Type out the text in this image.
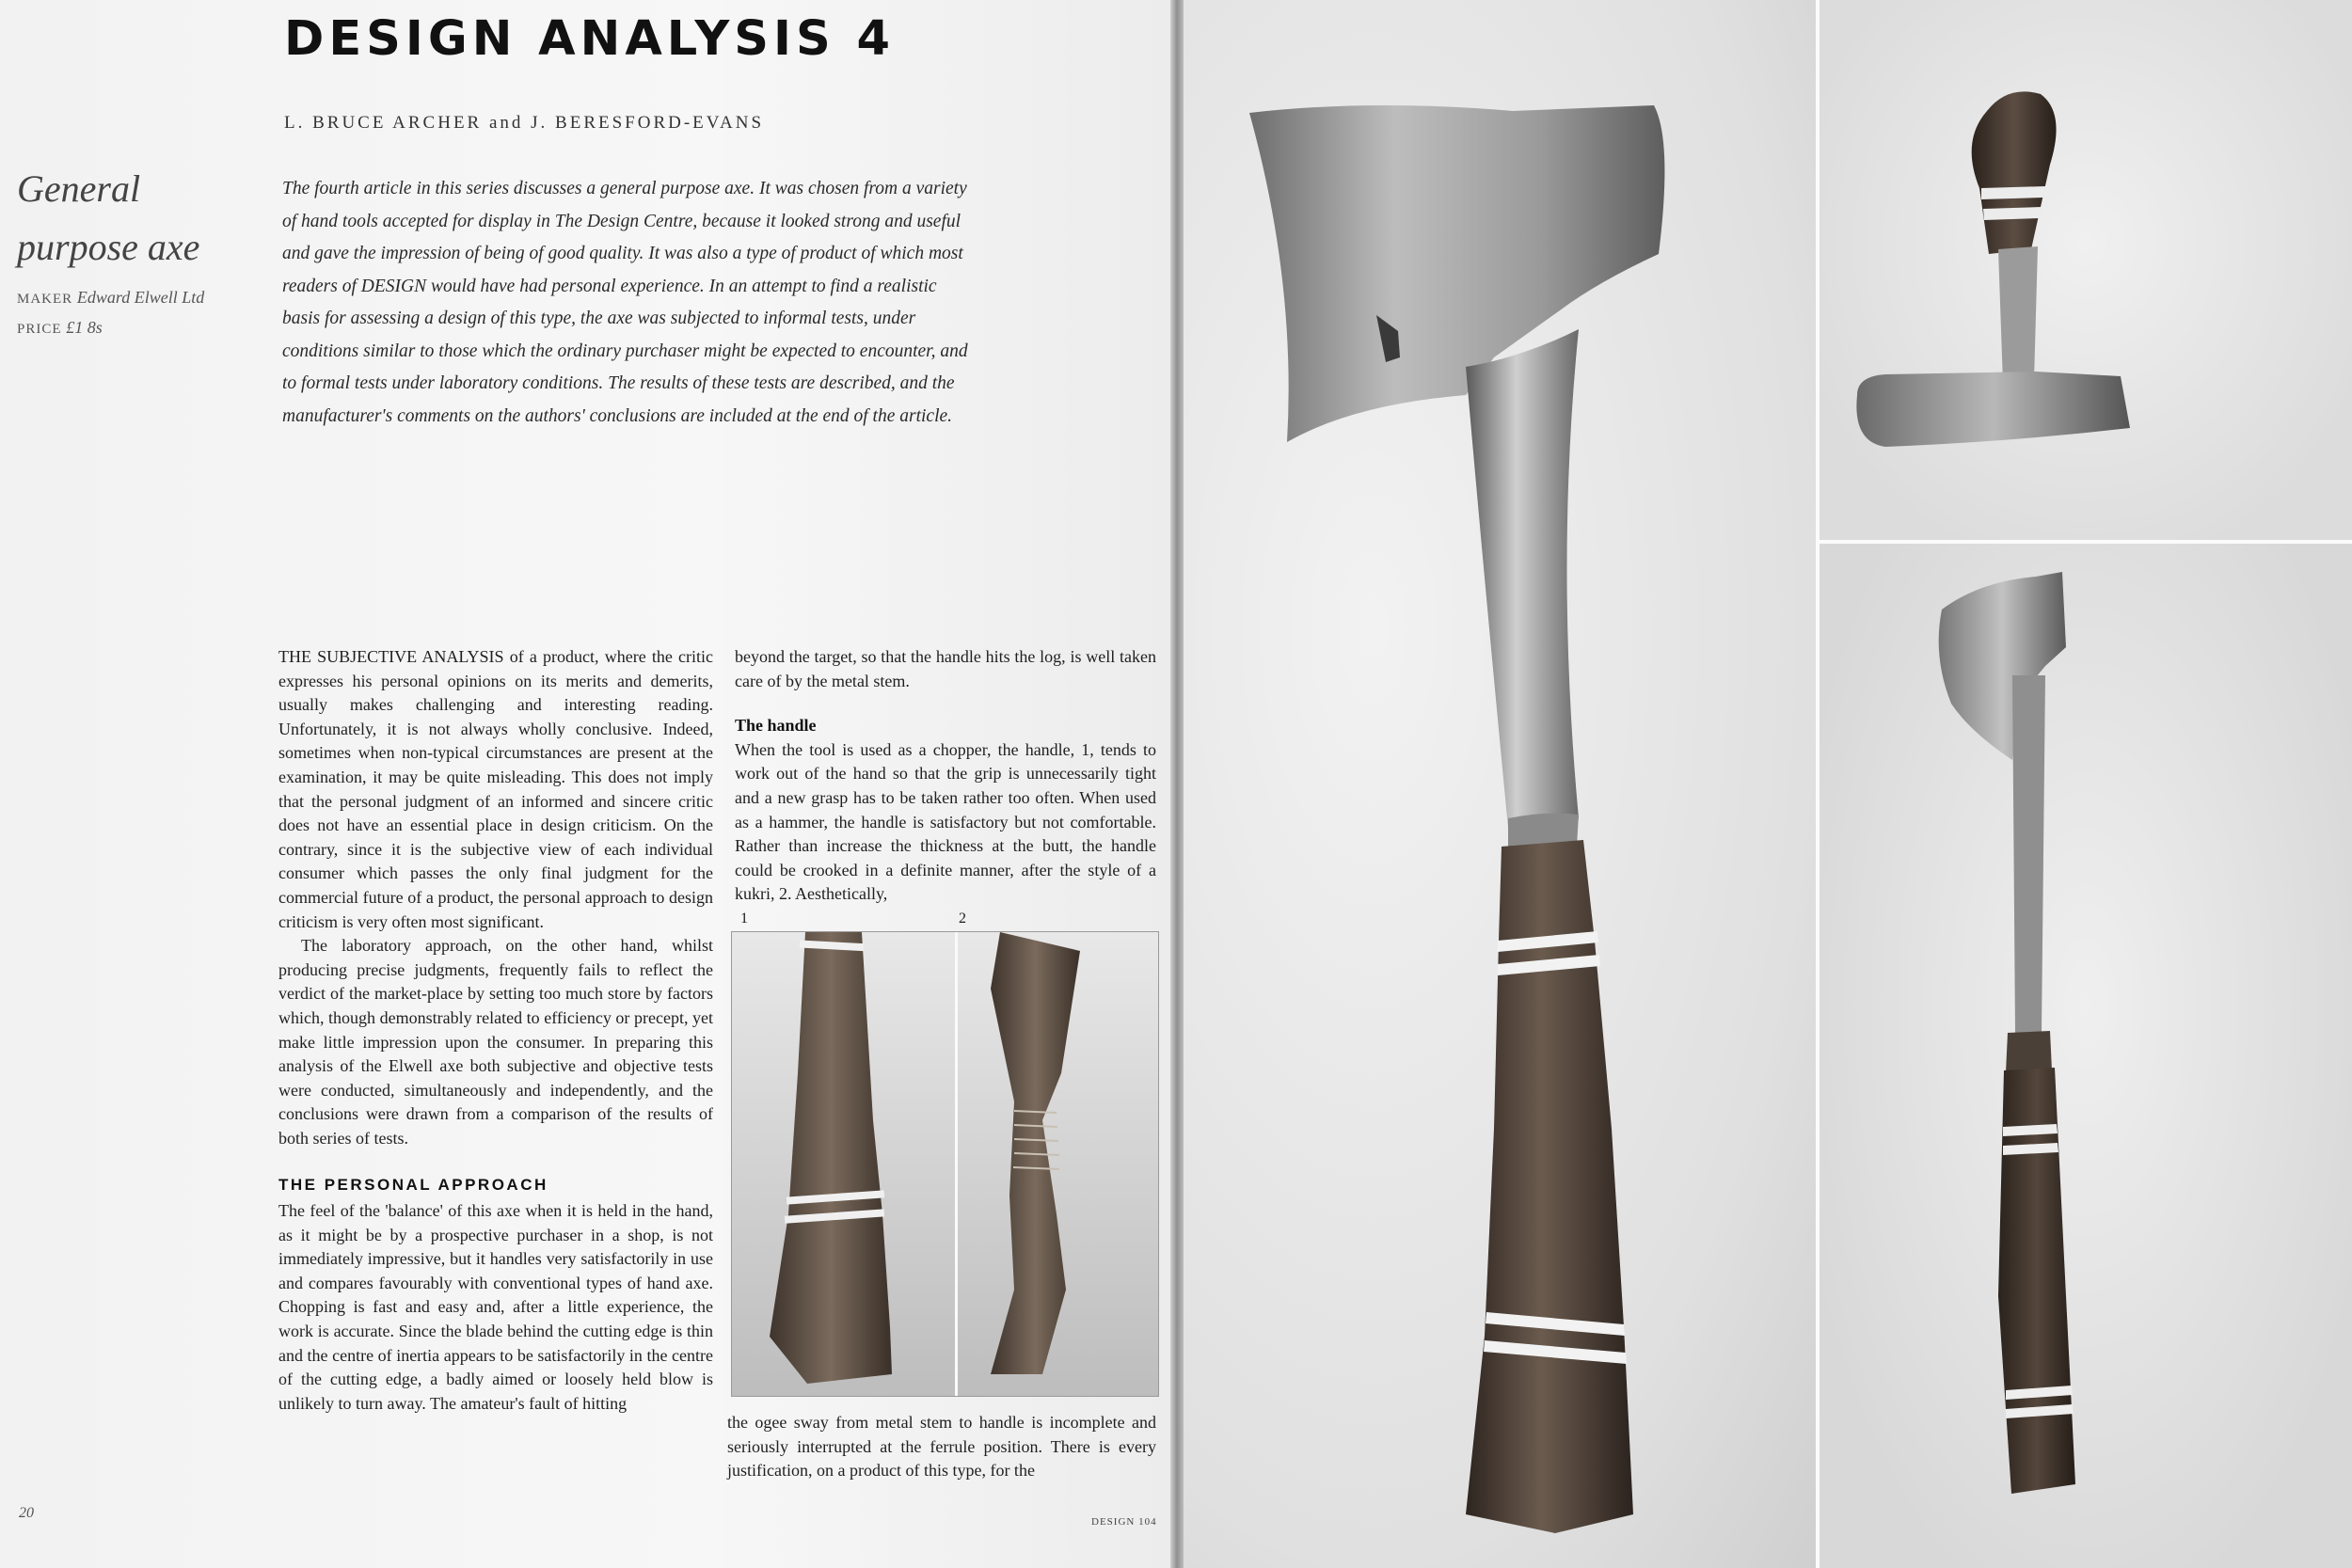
DESIGN ANALYSIS 4
L. BRUCE ARCHER and J. BERESFORD-EVANS
General
purpose axe
MAKER Edward Elwell Ltd
PRICE £1 8s

The fourth article in this series discusses a general purpose axe. It was chosen from a variety of hand tools accepted for display in The Design Centre, because it looked strong and useful and gave the impression of being of good quality. It was also a type of product of which most readers of DESIGN would have had personal experience. In an attempt to find a realistic basis for assessing a design of this type, the axe was subjected to informal tests, under conditions similar to those which the ordinary purchaser might be expected to encounter, and to formal tests under laboratory conditions. The results of these tests are described, and the manufacturer's comments on the authors' conclusions are included at the end of the article.

THE SUBJECTIVE ANALYSIS of a product, where the critic expresses his personal opinions on its merits and demerits, usually makes challenging and interesting reading. Unfortunately, it is not always wholly conclusive. Indeed, sometimes when non-typical circumstances are present at the examination, it may be quite misleading. This does not imply that the personal judgment of an informed and sincere critic does not have an essential place in design criticism. On the contrary, since it is the subjective view of each individual consumer which passes the only final judgment for the commercial future of a product, the personal approach to design criticism is very often most significant.

The laboratory approach, on the other hand, whilst producing precise judgments, frequently fails to reflect the verdict of the market-place by setting too much store by factors which, though demonstrably related to efficiency or precept, yet make little impression upon the consumer. In preparing this analysis of the Elwell axe both subjective and objective tests were conducted, simultaneously and independently, and the conclusions were drawn from a comparison of the results of both series of tests.

THE PERSONAL APPROACH

The feel of the 'balance' of this axe when it is held in the hand, as it might be by a prospective purchaser in a shop, is not immediately impressive, but it handles very satisfactorily in use and compares favourably with conventional types of hand axe. Chopping is fast and easy and, after a little experience, the work is accurate. Since the blade behind the cutting edge is thin and the centre of inertia appears to be satisfactorily in the centre of the cutting edge, a badly aimed or loosely held blow is unlikely to turn away. The amateur's fault of hitting

beyond the target, so that the handle hits the log, is well taken care of by the metal stem.

The handle

When the tool is used as a chopper, the handle, 1, tends to work out of the hand so that the grip is unnecessarily tight and a new grasp has to be taken rather too often. When used as a hammer, the handle is satisfactory but not comfortable. Rather than increase the thickness at the butt, the handle could be crooked in a definite manner, after the style of a kukri, 2. Aesthetically,

1	2

the ogee sway from metal stem to handle is incomplete and seriously interrupted at the ferrule position. There is every justification, on a product of this type, for the

20
DESIGN 104
